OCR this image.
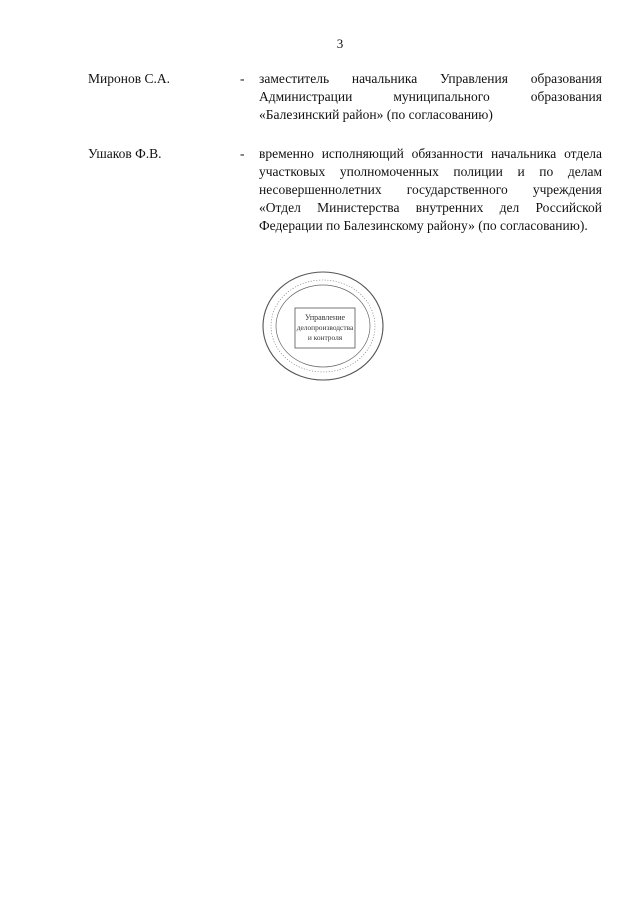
3
Миронов С.А.	- заместитель начальника Управления образования Администрации муниципального образования «Балезинский район» (по согласованию)
Ушаков Ф.В.	- временно исполняющий обязанности начальника отдела участковых уполномоченных полиции и по делам несовершеннолетних государственного учреждения «Отдел Министерства внутренних дел Российской Федерации по Балезинскому району» (по согласованию).
Управление
делопроизводства
и контроля
